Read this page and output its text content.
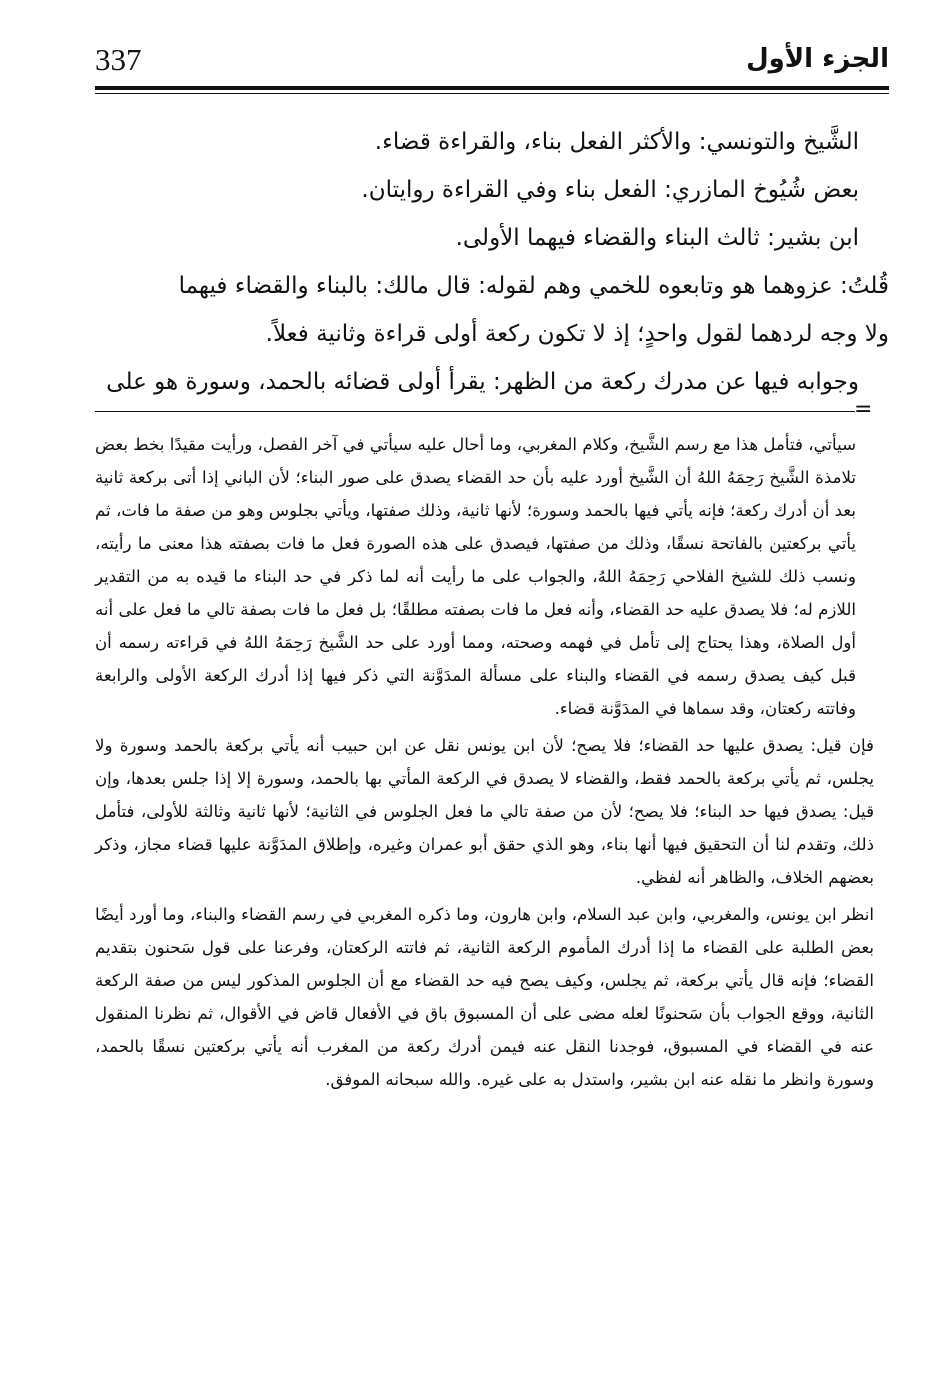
337	الجزء الأول

الشَّيخ والتونسي: والأكثر الفعل بناء، والقراءة قضاء.

بعض شُيُوخ المازري: الفعل بناء وفي القراءة روايتان.

ابن بشير: ثالث البناء والقضاء فيهما الأولى.

قُلتُ: عزوهما هو وتابعوه للخمي وهم لقوله: قال مالك: بالبناء والقضاء فيهما

ولا وجه لردهما لقول واحدٍ؛ إذ لا تكون ركعة أولى قراءة وثانية فعلاً.

وجوابه فيها عن مدرك ركعة من الظهر: يقرأ أولى قضائه بالحمد، وسورة هو على

=

سيأتي، فتأمل هذا مع رسم الشَّيخ، وكلام المغربي، وما أحال عليه سيأتي في آخر الفصل، ورأيت مقيدًا بخط بعض تلامذة الشَّيخ رَحِمَهُ اللهُ أن الشَّيخ أورد عليه بأن حد القضاء يصدق على صور البناء؛ لأن الباني إذا أتى بركعة ثانية بعد أن أدرك ركعة؛ فإنه يأتي فيها بالحمد وسورة؛ لأنها ثانية، وذلك صفتها، ويأتي بجلوس وهو من صفة ما فات، ثم يأتي بركعتين بالفاتحة نسقًا، وذلك من صفتها، فيصدق على هذه الصورة فعل ما فات بصفته هذا معنى ما رأيته، ونسب ذلك للشيخ الفلاحي رَحِمَهُ اللهُ، والجواب على ما رأيت أنه لما ذكر في حد البناء ما قيده به من التقدير اللازم له؛ فلا يصدق عليه حد القضاء، وأنه فعل ما فات بصفته مطلقًا؛ بل فعل ما فات بصفة تالي ما فعل على أنه أول الصلاة، وهذا يحتاج إلى تأمل في فهمه وصحته، ومما أورد على حد الشَّيخ رَحِمَهُ اللهُ في قراءته رسمه أن قبل كيف يصدق رسمه في القضاء والبناء على مسألة المدَوَّنة التي ذكر فيها إذا أدرك الركعة الأولى والرابعة وفاتته ركعتان، وقد سماها في المدَوَّنة قضاء.

فإن قيل: يصدق عليها حد القضاء؛ فلا يصح؛ لأن ابن يونس نقل عن ابن حبيب أنه يأتي بركعة بالحمد وسورة ولا يجلس، ثم يأتي بركعة بالحمد فقط، والقضاء لا يصدق في الركعة المأتي بها بالحمد، وسورة إلا إذا جلس بعدها، وإن قيل: يصدق فيها حد البناء؛ فلا يصح؛ لأن من صفة تالي ما فعل الجلوس في الثانية؛ لأنها ثانية وثالثة للأولى، فتأمل ذلك، وتقدم لنا أن التحقيق فيها أنها بناء، وهو الذي حقق أبو عمران وغيره، وإطلاق المدَوَّنة عليها قضاء مجاز، وذكر بعضهم الخلاف، والظاهر أنه لفظي.

انظر ابن يونس، والمغربي، وابن عبد السلام، وابن هارون، وما ذكره المغربي في رسم القضاء والبناء، وما أورد أيضًا بعض الطلبة على القضاء ما إذا أدرك المأموم الركعة الثانية، ثم فاتته الركعتان، وفرعنا على قول سَحنون بتقديم القضاء؛ فإنه قال يأتي بركعة، ثم يجلس، وكيف يصح فيه حد القضاء مع أن الجلوس المذكور ليس من صفة الركعة الثانية، ووقع الجواب بأن سَحنونًا لعله مضى على أن المسبوق باق في الأفعال قاض في الأقوال، ثم نظرنا المنقول عنه في القضاء في المسبوق، فوجدنا النقل عنه فيمن أدرك ركعة من المغرب أنه يأتي بركعتين نسقًا بالحمد، وسورة وانظر ما نقله عنه ابن بشير، واستدل به على غيره. والله سبحانه الموفق.
